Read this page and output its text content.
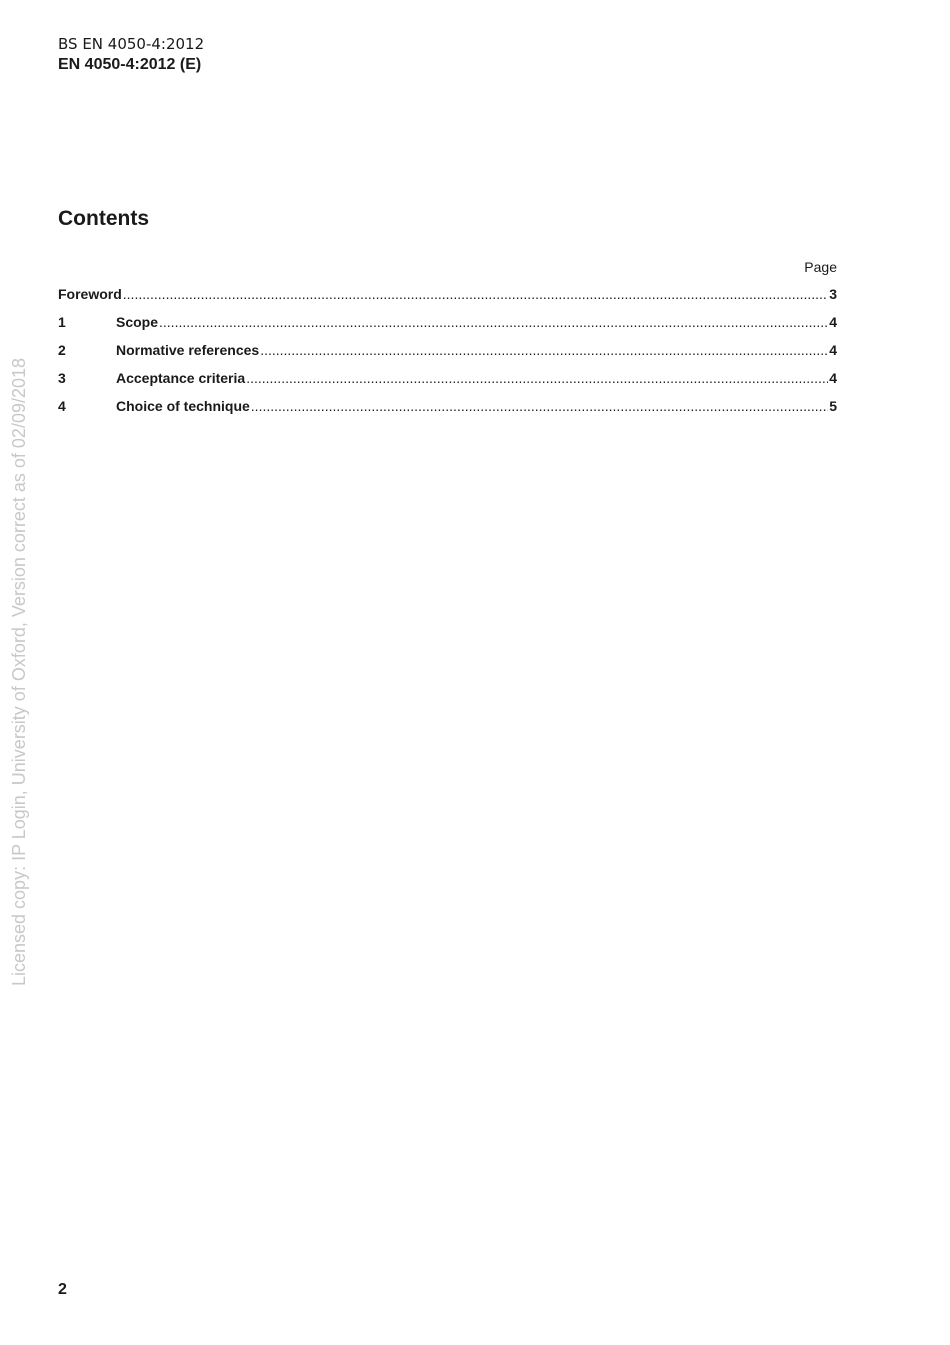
BS EN 4050-4:2012
EN 4050-4:2012 (E)
Contents
Page
Foreword .....	3
1	Scope .....	4
2	Normative references .....	4
3	Acceptance criteria .....	4
4	Choice of technique .....	5
Licensed copy: IP Login, University of Oxford, Version correct as of 02/09/2018
2
